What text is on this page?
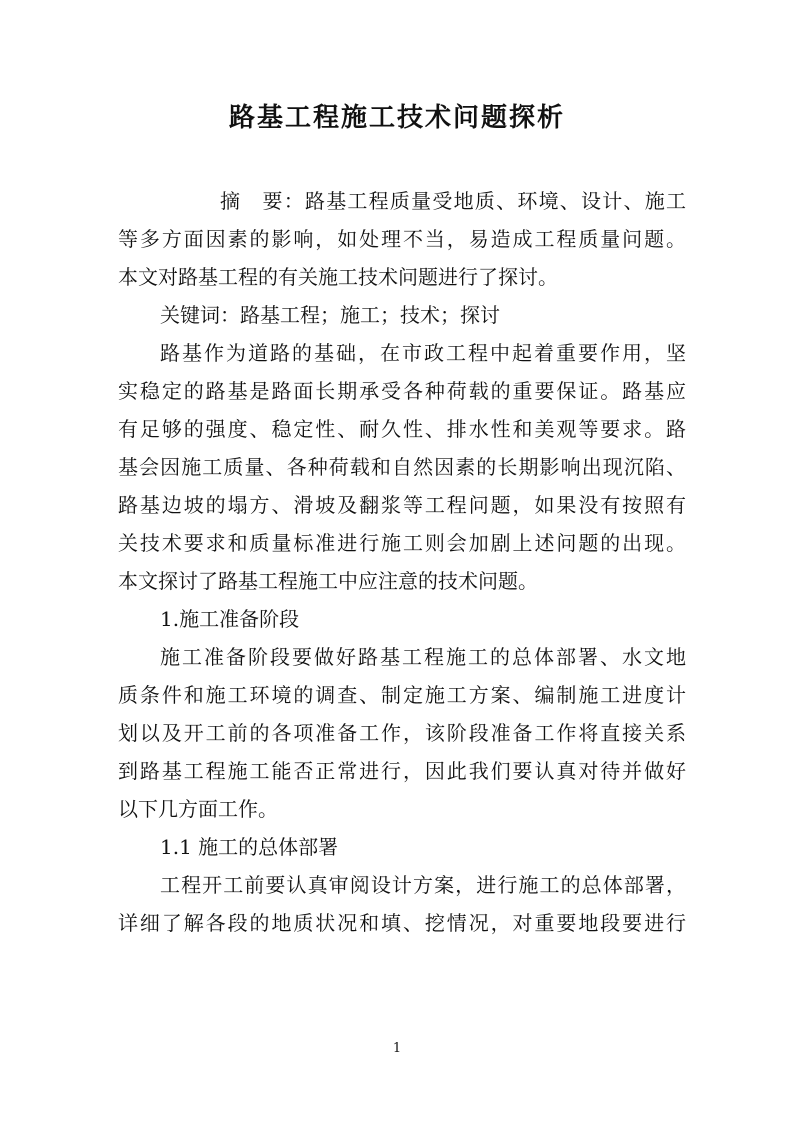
路基工程施工技术问题探析
摘　要：路基工程质量受地质、环境、设计、施工
等多方面因素的影响，如处理不当，易造成工程质量问题。
本文对路基工程的有关施工技术问题进行了探讨。
关键词：路基工程；施工；技术；探讨
路基作为道路的基础，在市政工程中起着重要作用，坚
实稳定的路基是路面长期承受各种荷载的重要保证。路基应
有足够的强度、稳定性、耐久性、排水性和美观等要求。路
基会因施工质量、各种荷载和自然因素的长期影响出现沉陷、
路基边坡的塌方、滑坡及翻浆等工程问题，如果没有按照有
关技术要求和质量标准进行施工则会加剧上述问题的出现。
本文探讨了路基工程施工中应注意的技术问题。
1.施工准备阶段
施工准备阶段要做好路基工程施工的总体部署、水文地
质条件和施工环境的调查、制定施工方案、编制施工进度计
划以及开工前的各项准备工作，该阶段准备工作将直接关系
到路基工程施工能否正常进行，因此我们要认真对待并做好
以下几方面工作。
1.1 施工的总体部署
工程开工前要认真审阅设计方案，进行施工的总体部署，
详细了解各段的地质状况和填、挖情况，对重要地段要进行
1
